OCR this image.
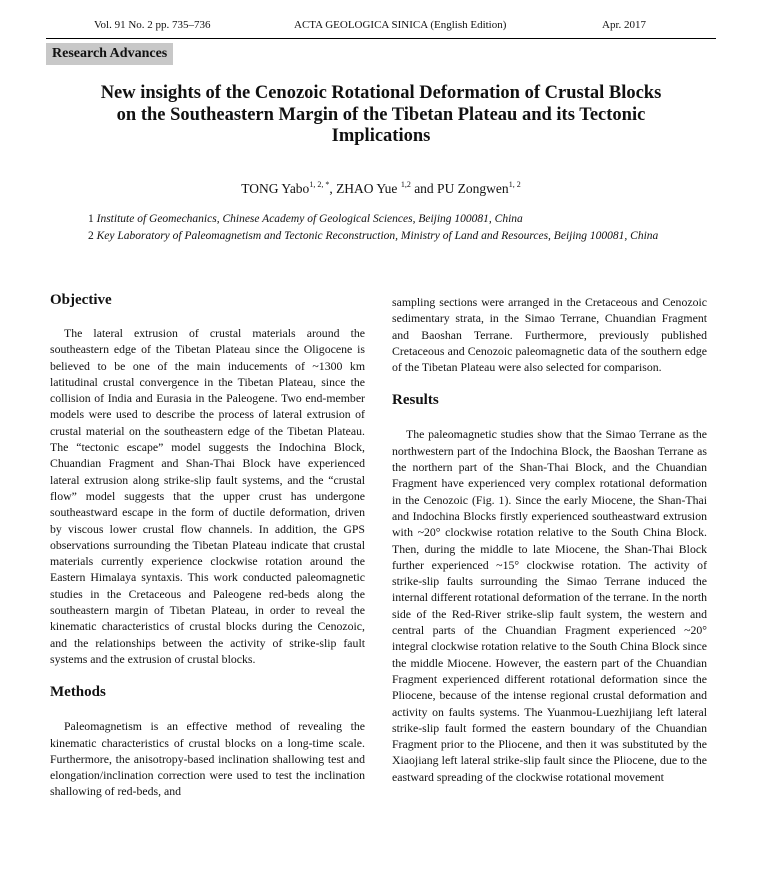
Vol. 91 No. 2 pp. 735–736	ACTA GEOLOGICA SINICA (English Edition)	Apr. 2017
Research Advances
New insights of the Cenozoic Rotational Deformation of Crustal Blocks
on the Southeastern Margin of the Tibetan Plateau and its Tectonic
Implications
TONG Yabo$^{1, 2, *}$, ZHAO Yue $^{1,2}$ and PU Zongwen$^{1, 2}$
1 Institute of Geomechanics, Chinese Academy of Geological Sciences, Beijing 100081, China
2 Key Laboratory of Paleomagnetism and Tectonic Reconstruction, Ministry of Land and Resources, Beijing 100081, China
Objective

The lateral extrusion of crustal materials around the southeastern edge of the Tibetan Plateau since the Oligocene is believed to be one of the main inducements of ~1300 km latitudinal crustal convergence in the Tibetan Plateau, since the collision of India and Eurasia in the Paleogene. Two end-member models were used to describe the process of lateral extrusion of crustal material on the southeastern edge of the Tibetan Plateau. The “tectonic escape” model suggests the Indochina Block, Chuandian Fragment and Shan-Thai Block have experienced lateral extrusion along strike-slip fault systems, and the “crustal flow” model suggests that the upper crust has undergone southeastward escape in the form of ductile deformation, driven by viscous lower crustal flow channels. In addition, the GPS observations surrounding the Tibetan Plateau indicate that crustal materials currently experience clockwise rotation around the Eastern Himalaya syntaxis. This work conducted paleomagnetic studies in the Cretaceous and Paleogene red-beds along the southeastern margin of Tibetan Plateau, in order to reveal the kinematic characteristics of crustal blocks during the Cenozoic, and the relationships between the activity of strike-slip fault systems and the extrusion of crustal blocks.

Methods

Paleomagnetism is an effective method of revealing the kinematic characteristics of crustal blocks on a long-time scale. Furthermore, the anisotropy-based inclination shallowing test and elongation/inclination correction were used to test the inclination shallowing of red-beds, and

sampling sections were arranged in the Cretaceous and Cenozoic sedimentary strata, in the Simao Terrane, Chuandian Fragment and Baoshan Terrane. Furthermore, previously published Cretaceous and Cenozoic paleomagnetic data of the southern edge of the Tibetan Plateau were also selected for comparison.

Results

The paleomagnetic studies show that the Simao Terrane as the northwestern part of the Indochina Block, the Baoshan Terrane as the northern part of the Shan-Thai Block, and the Chuandian Fragment have experienced very complex rotational deformation in the Cenozoic (Fig. 1). Since the early Miocene, the Shan-Thai and Indochina Blocks firstly experienced southeastward extrusion with ~20° clockwise rotation relative to the South China Block. Then, during the middle to late Miocene, the Shan-Thai Block further experienced ~15° clockwise rotation. The activity of strike-slip faults surrounding the Simao Terrane induced the internal different rotational deformation of the terrane. In the north side of the Red-River strike-slip fault system, the western and central parts of the Chuandian Fragment experienced ~20° integral clockwise rotation relative to the South China Block since the middle Miocene. However, the eastern part of the Chuandian Fragment experienced different rotational deformation since the Pliocene, because of the intense regional crustal deformation and activity on faults systems. The Yuanmou-Luezhijiang left lateral strike-slip fault formed the eastern boundary of the Chuandian Fragment prior to the Pliocene, and then it was substituted by the Xiaojiang left lateral strike-slip fault since the Pliocene, due to the eastward spreading of the clockwise rotational movement
